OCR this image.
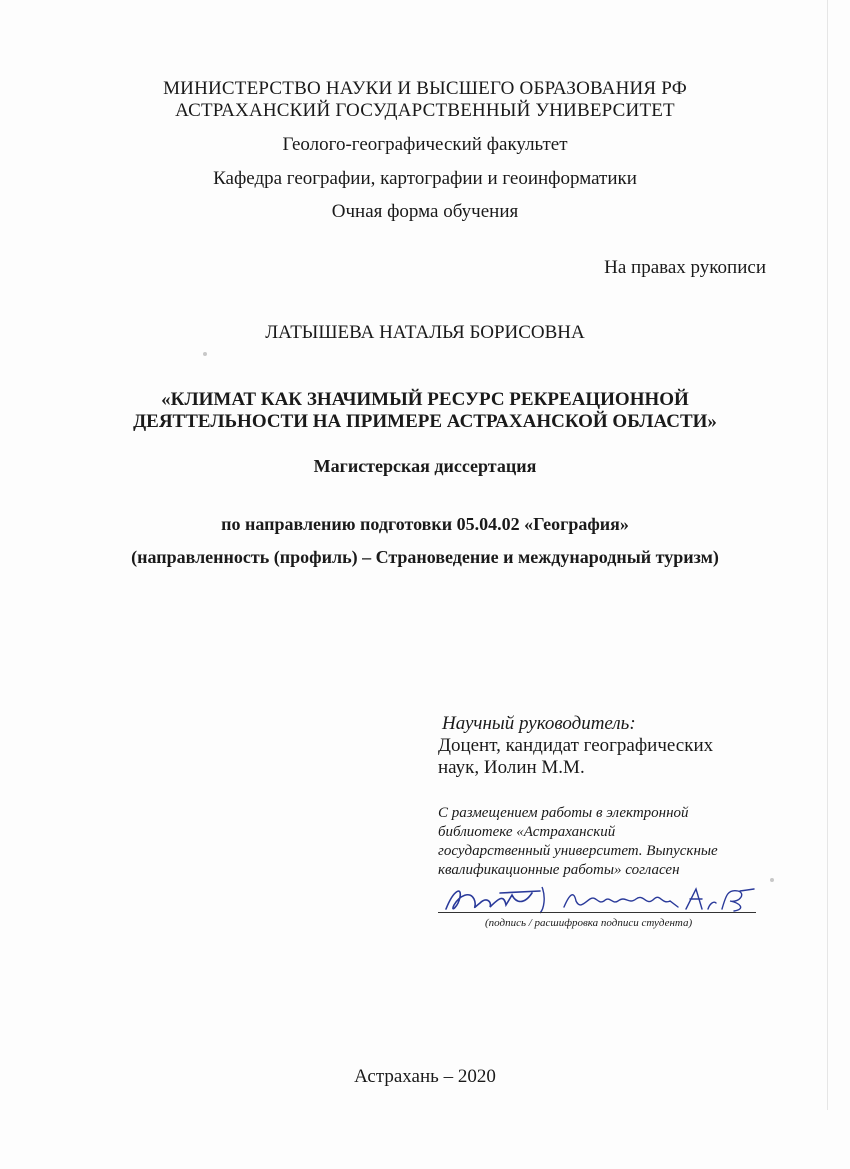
МИНИСТЕРСТВО НАУКИ И ВЫСШЕГО ОБРАЗОВАНИЯ РФ
АСТРАХАНСКИЙ ГОСУДАРСТВЕННЫЙ УНИВЕРСИТЕТ
Геолого-географический факультет
Кафедра географии, картографии и геоинформатики
Очная форма обучения
На правах рукописи
ЛАТЫШЕВА НАТАЛЬЯ БОРИСОВНА
«КЛИМАТ КАК ЗНАЧИМЫЙ РЕСУРС РЕКРЕАЦИОННОЙ
ДЕЯТТЕЛЬНОСТИ НА ПРИМЕРЕ АСТРАХАНСКОЙ ОБЛАСТИ»
Магистерская диссертация
по направлению подготовки 05.04.02 «География»
(направленность (профиль) – Страноведение и международный туризм)
Научный руководитель:
Доцент, кандидат географических
наук, Иолин М.М.
С размещением работы в электронной
библиотеке «Астраханский
государственный университет. Выпускные
квалификационные работы» согласен
(подпись / расшифровка подписи студента)
Астрахань – 2020
